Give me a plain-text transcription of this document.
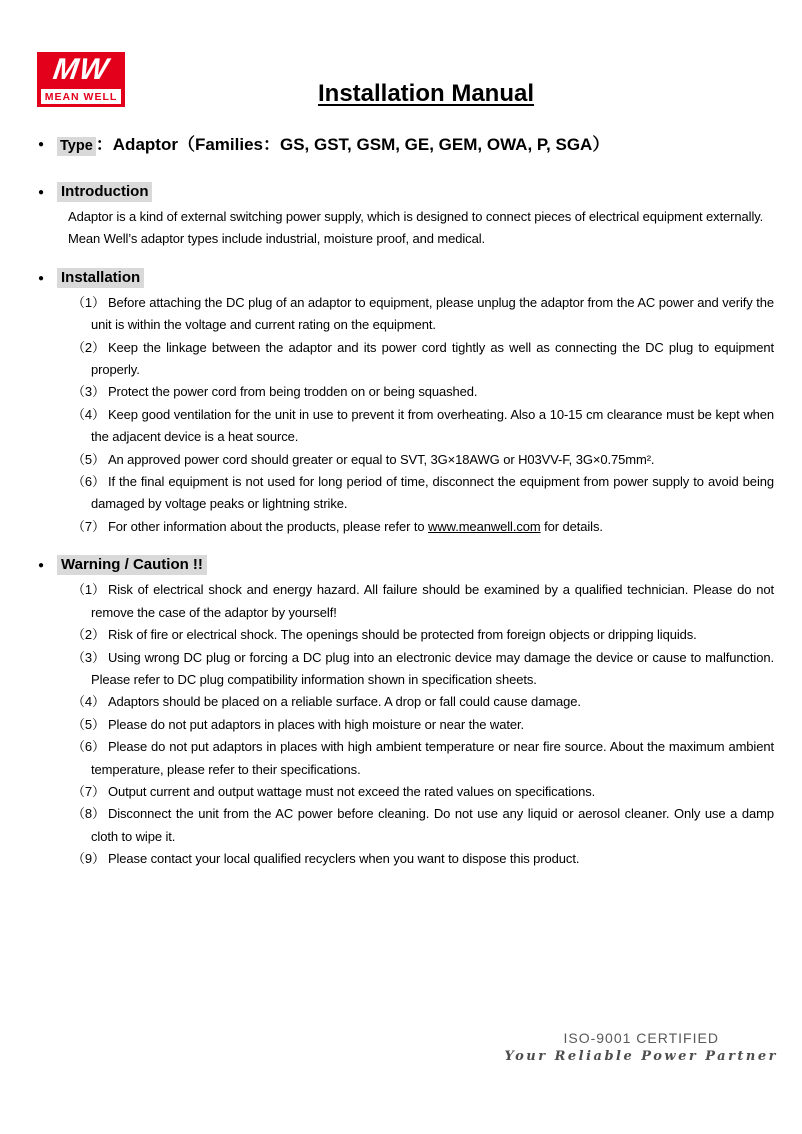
MW
MEAN WELL	Installation Manual
● Type ：Adaptor（Families：GS, GST, GSM, GE, GEM, OWA, P, SGA）
● Introduction
Adaptor is a kind of external switching power supply, which is designed to connect pieces of electrical equipment externally. Mean Well’s adaptor types include industrial, moisture proof, and medical.
● Installation
（1） Before attaching the DC plug of an adaptor to equipment, please unplug the adaptor from the AC power and verify the unit is within the voltage and current rating on the equipment.
（2） Keep the linkage between the adaptor and its power cord tightly as well as connecting the DC plug to equipment properly.
（3） Protect the power cord from being trodden on or being squashed.
（4） Keep good ventilation for the unit in use to prevent it from overheating. Also a 10-15 cm clearance must be kept when the adjacent device is a heat source.
（5） An approved power cord should greater or equal to SVT, 3G×18AWG or H03VV-F, 3G×0.75mm².
（6） If the final equipment is not used for long period of time, disconnect the equipment from power supply to avoid being damaged by voltage peaks or lightning strike.
（7） For other information about the products, please refer to www.meanwell.com for details.
● Warning / Caution !!
（1） Risk of electrical shock and energy hazard. All failure should be examined by a qualified technician. Please do not remove the case of the adaptor by yourself!
（2） Risk of fire or electrical shock. The openings should be protected from foreign objects or dripping liquids.
（3） Using wrong DC plug or forcing a DC plug into an electronic device may damage the device or cause to malfunction. Please refer to DC plug compatibility information shown in specification sheets.
（4） Adaptors should be placed on a reliable surface. A drop or fall could cause damage.
（5） Please do not put adaptors in places with high moisture or near the water.
（6） Please do not put adaptors in places with high ambient temperature or near fire source. About the maximum ambient temperature, please refer to their specifications.
（7） Output current and output wattage must not exceed the rated values on specifications.
（8） Disconnect the unit from the AC power before cleaning. Do not use any liquid or aerosol cleaner. Only use a damp cloth to wipe it.
（9） Please contact your local qualified recyclers when you want to dispose this product.
ISO-9001 CERTIFIED
Your Reliable Power Partner
